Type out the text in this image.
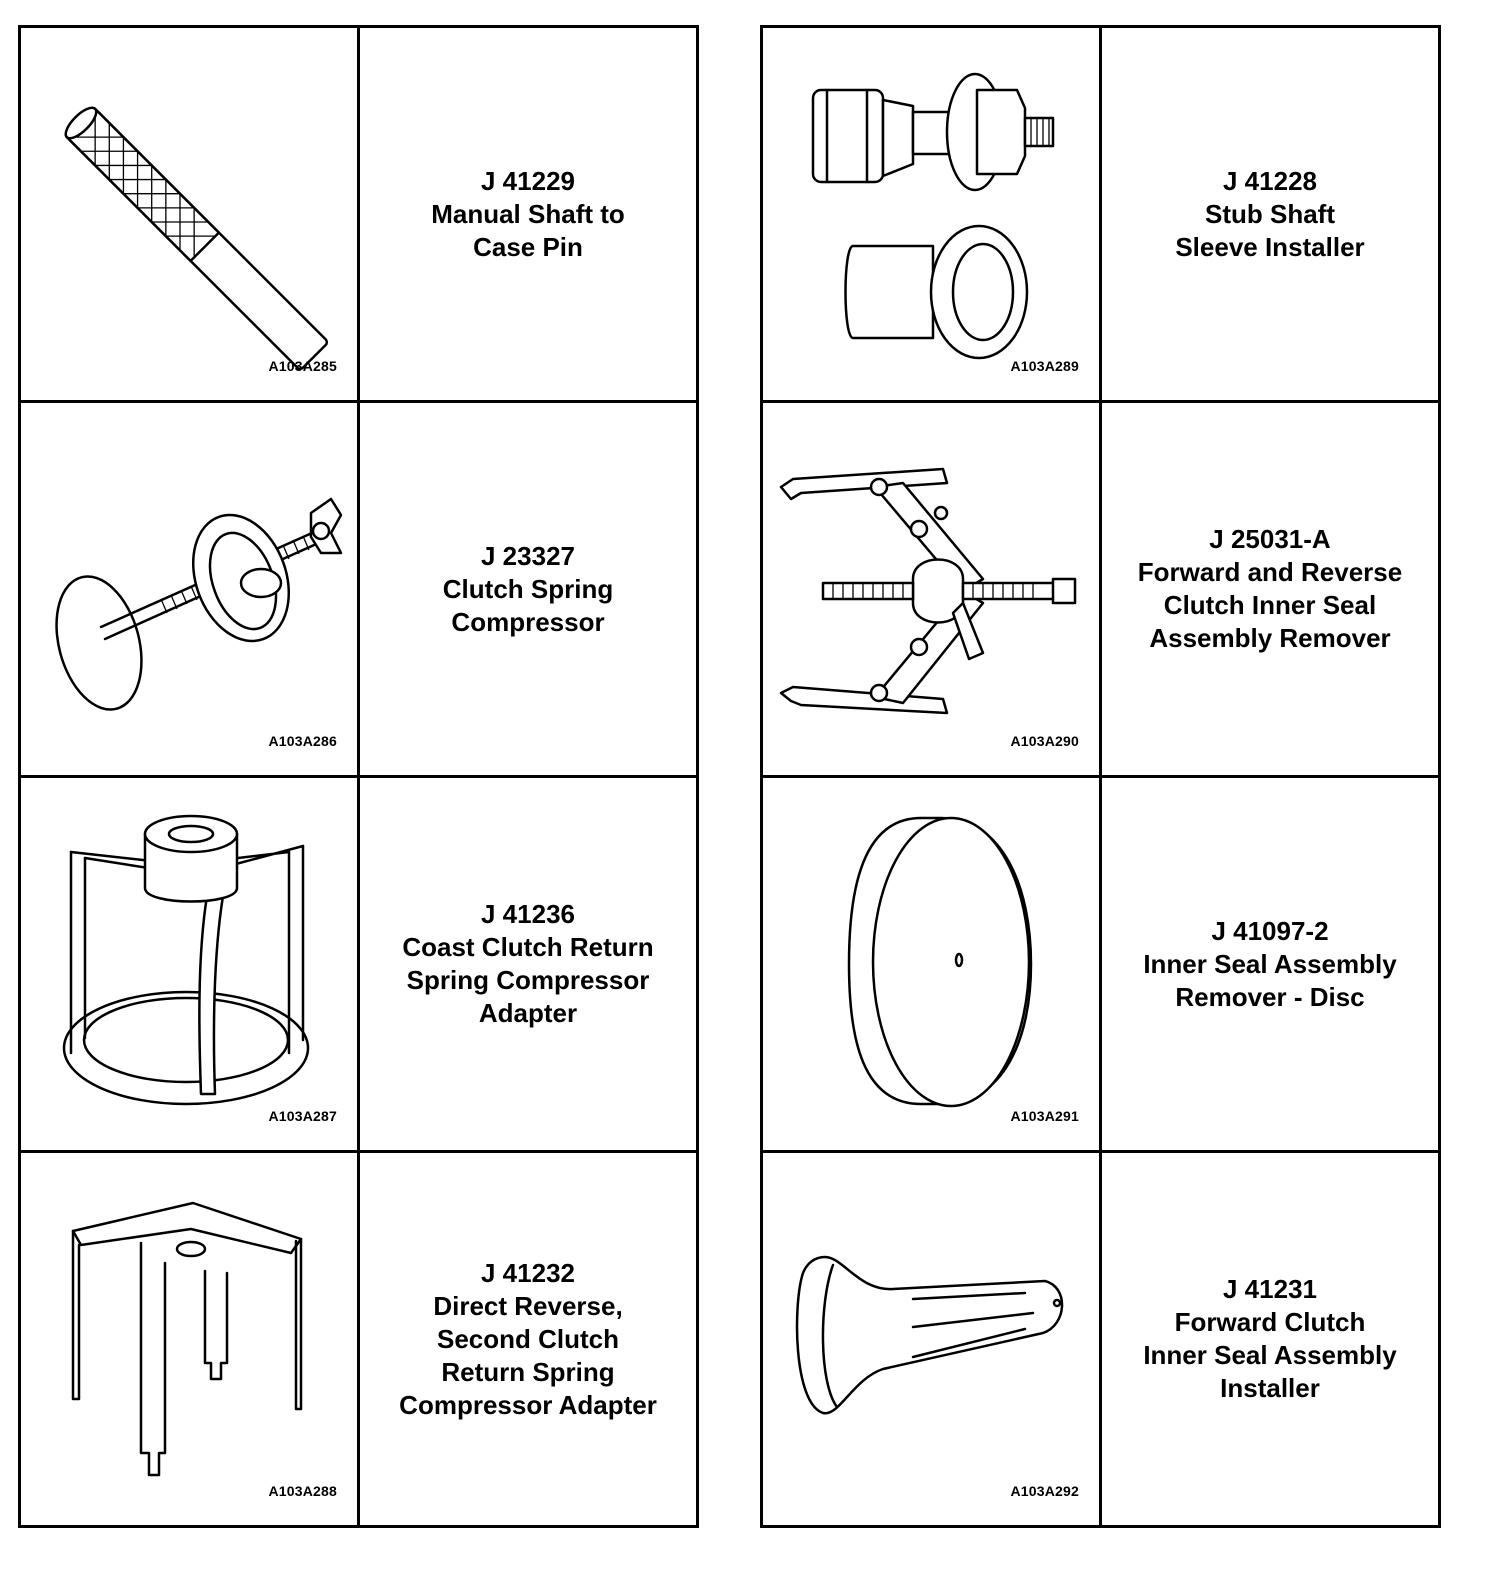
A103A285	J 41229
Manual Shaft to
Case Pin

A103A286	J 23327
Clutch Spring
Compressor

A103A287	J 41236
Coast Clutch Return
Spring Compressor
Adapter

A103A288	J 41232
Direct Reverse,
Second Clutch
Return Spring
Compressor Adapter
A103A289	J 41228
Stub Shaft
Sleeve Installer

A103A290	J 25031-A
Forward and Reverse
Clutch Inner Seal
Assembly Remover

A103A291	J 41097-2
Inner Seal Assembly
Remover - Disc

A103A292	J 41231
Forward Clutch
Inner Seal Assembly
Installer
